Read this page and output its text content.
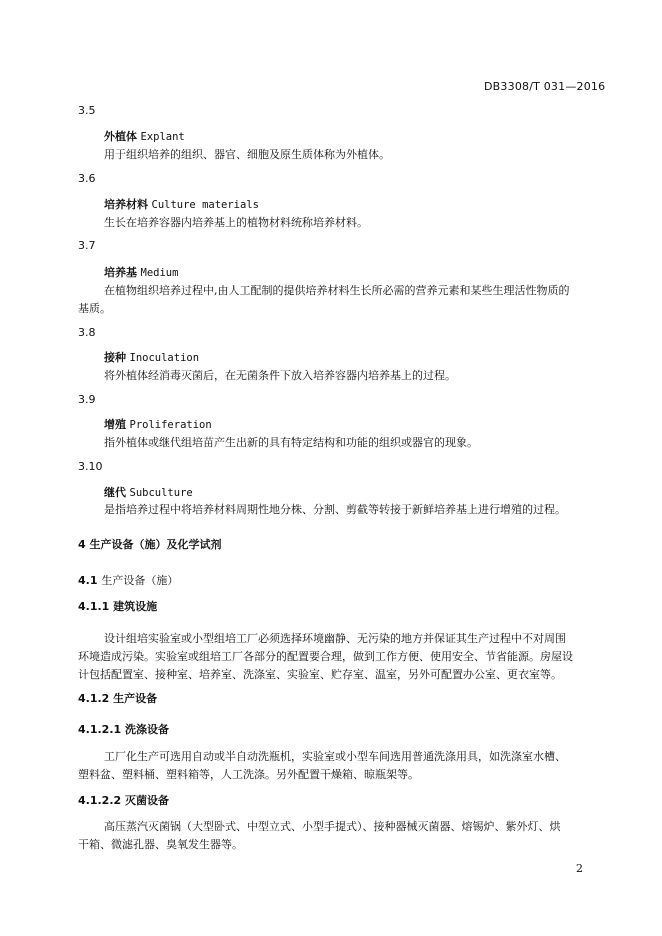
DB3308/T 031—2016
3.5
外植体 Explant
用于组织培养的组织、器官、细胞及原生质体称为外植体。
3.6
培养材料 Culture materials
生长在培养容器内培养基上的植物材料统称培养材料。
3.7
培养基 Medium
在植物组织培养过程中,由人工配制的提供培养材料生长所必需的营养元素和某些生理活性物质的
基质。
3.8
接种 Inoculation
将外植体经消毒灭菌后，在无菌条件下放入培养容器内培养基上的过程。
3.9
增殖 Proliferation
指外植体或继代组培苗产生出新的具有特定结构和功能的组织或器官的现象。
3.10
继代 Subculture
是指培养过程中将培养材料周期性地分株、分割、剪截等转接于新鲜培养基上进行增殖的过程。
4 生产设备（施）及化学试剂
4.1 生产设备（施）
4.1.1 建筑设施
设计组培实验室或小型组培工厂必须选择环境幽静、无污染的地方并保证其生产过程中不对周围
环境造成污染。实验室或组培工厂各部分的配置要合理，做到工作方便、使用安全、节省能源。房屋设
计包括配置室、接种室、培养室、洗涤室、实验室、贮存室、温室，另外可配置办公室、更衣室等。
4.1.2 生产设备
4.1.2.1 洗涤设备
工厂化生产可选用自动或半自动洗瓶机，实验室或小型车间选用普通洗涤用具，如洗涤室水槽、
塑料盆、塑料桶、塑料箱等，人工洗涤。另外配置干燥箱、晾瓶架等。
4.1.2.2 灭菌设备
高压蒸汽灭菌锅（大型卧式、中型立式、小型手提式）、接种器械灭菌器、熔锡炉、紫外灯、烘
干箱、微滤孔器、臭氧发生器等。
2
